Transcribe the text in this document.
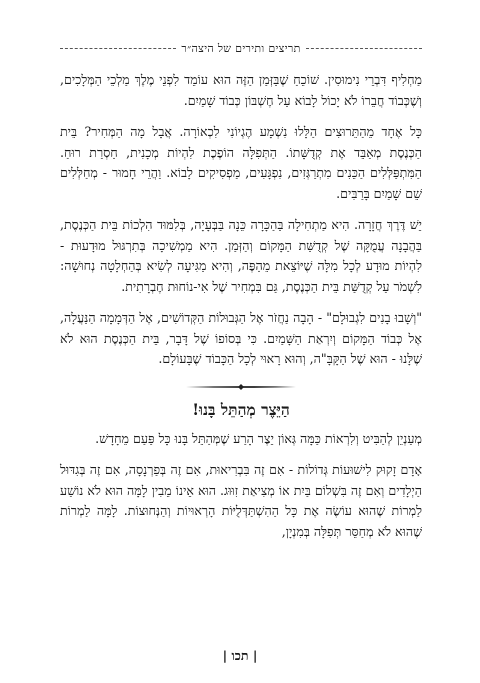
תריצים ותירים של היצה״ר

מַחְלִיף דִּבְרֵי נִימוּסִין. שׁוֹכֵחַ שֶׁבַּזְּמַן הַזֶּה הוּא עוֹמֵד לִפְנֵי מֶלֶךְ מַלְכֵי הַמְּלָכִים, וְשֶׁכְּבוֹד חֲבֵרוֹ לֹא יָכוֹל לָבוֹא עַל חֶשְׁבּוֹן כְּבוֹד שָׁמַיִם.

כָּל אֶחָד מֵהַתֵּרוּצִים הַלָּלוּ נִשְׁמָע הֶגְיוֹנִי לִכְאוֹרָה. אֲבָל מָה הַמְּחִיר? בֵּית הַכְּנֶסֶת מְאַבֵּד אֶת קְדֻשָּׁתוֹ. הַתְּפִלָּה הוֹפֶכֶת לִהְיוֹת מְכָנִית, חַסְרַת רוּחַ. הַמִּתְפַּלְּלִים הַכֵּנִים מִתְרַגְּזִים, נִפְגָּעִים, מַפְסִיקִים לָבוֹא. וַהֲרֵי חָמוּר - מְחַלְּלִים שֵׁם שָׁמַיִם בָּרַבִּים.

יֵשׁ דֶּרֶךְ חֲזָרָה. הִיא מַתְחִילָה בַּהַכָּרָה כֵּנָה בַּבְּעָיָה, בְּלִמּוּד הִלְכוֹת בֵּית הַכְּנֶסֶת, בַּהֲבָנָה עֲמֻקָּה שֶׁל קְדֻשַּׁת הַמָּקוֹם וְהַזְּמַן. הִיא מַמְשִׁיכָה בְּתִרְגּוּל מוּדָעוּת - לִהְיוֹת מוּדָע לְכָל מִלָּה שֶׁיּוֹצֵאת מֵהַפֶּה, וְהִיא מַגִּיעָה לְשִׂיא בְּהַחְלָטָה נְחוּשָׁה: לִשְׁמֹר עַל קְדֻשַּׁת בֵּית הַכְּנֶסֶת, גַּם בִּמְחִיר שֶׁל אִי-נוֹחוּת חֶבְרָתִית.

"וְשָׁבוּ בָנִים לִגְבוּלָם" - הָבָה נַחֲזֹר אֶל הַגְּבוּלוֹת הַקְּדוֹשִׁים, אֶל הַדְּמָמָה הַנַּעֲלָה, אֶל כְּבוֹד הַמָּקוֹם וְיִרְאַת הַשָּׁמַיִם. כִּי בְּסוֹפוֹ שֶׁל דָּבָר, בֵּית הַכְּנֶסֶת הוּא לֹא שֶׁלָּנוּ - הוּא שֶׁל הַקָּבָּ"ה, וְהוּא רָאוּי לְכָל הַכָּבוֹד שֶׁבָּעוֹלָם.

הַיֵּצֶר מְהַתֵּל בָּנוּ!

מְעַנְיֵן לְהַבִּיט וְלִרְאוֹת כַּמָּה גְּאוֹן יֵצֶר הָרַע שֶׁמְּהַתֵּל בָּנוּ כָּל פַּעַם מֵחָדָשׁ.

אָדָם זָקוּק לִישׁוּעוֹת גְּדוֹלוֹת - אִם זֶה בִּבְרִיאוּת, אִם זֶה בְּפַרְנָסָה, אִם זֶה בְּגִדּוּל הַיְלָדִים וְאִם זֶה בִּשְׁלוֹם בַּיִת אוֹ מְצִיאַת זִוּוּג. הוּא אֵינוֹ מֵבִין לָמָּה הוּא לֹא נוֹשַׁע לַמְרוֹת שֶׁהוּא עוֹשֶׂה אֶת כָּל הַהִשְׁתַּדְּלֻיּוֹת הָרְאוּיוֹת וְהַנְּחוּצוֹת. לָמָּה לַמְרוֹת שֶׁהוּא לֹא מְחַסֵּר תְּפִלָּה בְּמִנְיָן,

| תכו |
